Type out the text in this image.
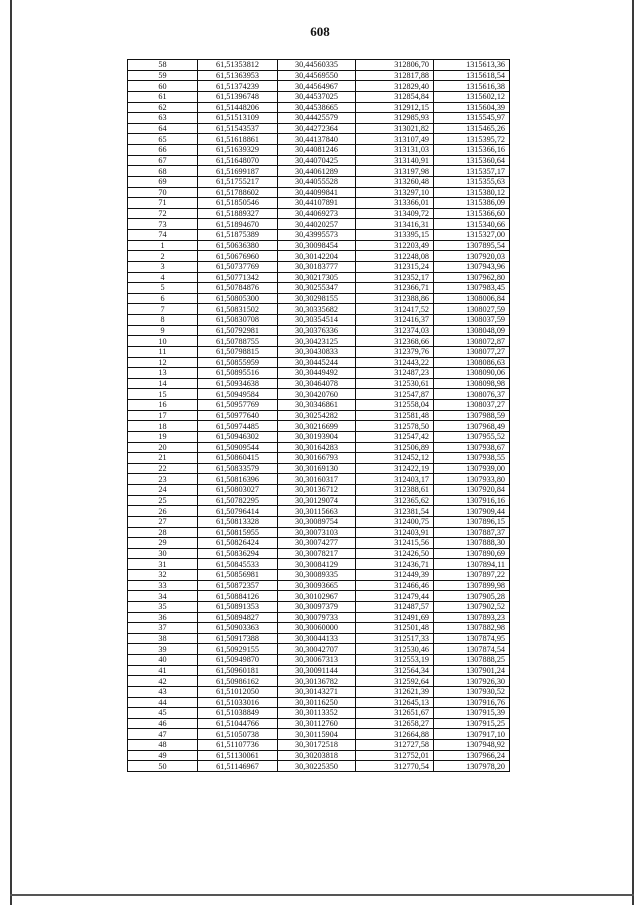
608
58	61,51353812	30,44560335	312806,70	1315613,36
59	61,51363953	30,44569550	312817,88	1315618,54
60	61,51374239	30,44564967	312829,40	1315616,38
61	61,51396748	30,44537025	312854,84	1315602,12
62	61,51448206	30,44538665	312912,15	1315604,39
63	61,51513109	30,44425579	312985,93	1315545,97
64	61,51543537	30,44272364	313021,82	1315465,26
65	61,51618861	30,44137840	313107,49	1315395,72
66	61,51639329	30,44081246	313131,03	1315366,16
67	61,51648070	30,44070425	313140,91	1315360,64
68	61,51699187	30,44061289	313197,98	1315357,17
69	61,51755217	30,44055528	313260,48	1315355,63
70	61,51788602	30,44099841	313297,10	1315380,12
71	61,51850546	30,44107891	313366,01	1315386,09
72	61,51889327	30,44069273	313409,72	1315366,60
73	61,51894670	30,44020257	313416,31	1315340,66
74	61,51875389	30,43995573	313395,15	1315327,00
1	61,50636380	30,30098454	312203,49	1307895,54
2	61,50676960	30,30142204	312248,08	1307920,03
3	61,50737769	30,30183777	312315,24	1307943,96
4	61,50771342	30,30217305	312352,17	1307962,80
5	61,50784876	30,30255347	312366,71	1307983,45
6	61,50805300	30,30298155	312388,86	1308006,84
7	61,50831502	30,30335682	312417,52	1308027,59
8	61,50830708	30,30354514	312416,37	1308037,59
9	61,50792981	30,30376336	312374,03	1308048,09
10	61,50788755	30,30423125	312368,66	1308072,87
11	61,50798815	30,30430833	312379,76	1308077,27
12	61,50855959	30,30445244	312443,22	1308086,63
13	61,50895516	30,30449492	312487,23	1308090,06
14	61,50934638	30,30464078	312530,61	1308098,98
15	61,50949584	30,30420760	312547,87	1308076,37
16	61,50957769	30,30346861	312558,04	1308037,27
17	61,50977640	30,30254282	312581,48	1307988,59
18	61,50974485	30,30216699	312578,50	1307968,49
19	61,50946302	30,30193904	312547,42	1307955,52
20	61,50909544	30,30164283	312506,89	1307938,67
21	61,50860415	30,30166793	312452,12	1307938,55
22	61,50833579	30,30169130	312422,19	1307939,00
23	61,50816396	30,30160317	312403,17	1307933,80
24	61,50803027	30,30136712	312388,61	1307920,84
25	61,50782295	30,30129074	312365,62	1307916,16
26	61,50796414	30,30115663	312381,54	1307909,44
27	61,50813328	30,30089754	312400,75	1307896,15
28	61,50815955	30,30073103	312403,91	1307887,37
29	61,50826424	30,30074277	312415,56	1307888,30
30	61,50836294	30,30078217	312426,50	1307890,69
31	61,50845533	30,30084129	312436,71	1307894,11
32	61,50856981	30,30089335	312449,39	1307897,22
33	61,50872357	30,30093665	312466,46	1307899,98
34	61,50884126	30,30102967	312479,44	1307905,28
35	61,50891353	30,30097379	312487,57	1307902,52
36	61,50894827	30,30079733	312491,69	1307893,23
37	61,50903363	30,30060000	312501,48	1307882,98
38	61,50917388	30,30044133	312517,33	1307874,95
39	61,50929155	30,30042707	312530,46	1307874,54
40	61,50949870	30,30067313	312553,19	1307888,25
41	61,50960181	30,30091144	312564,34	1307901,24
42	61,50986162	30,30136782	312592,64	1307926,30
43	61,51012050	30,30143271	312621,39	1307930,52
44	61,51033016	30,30116250	312645,13	1307916,76
45	61,51038849	30,30113352	312651,67	1307915,39
46	61,51044766	30,30112760	312658,27	1307915,25
47	61,51050738	30,30115904	312664,88	1307917,10
48	61,51107736	30,30172518	312727,58	1307948,92
49	61,51130061	30,30203818	312752,01	1307966,24
50	61,51146967	30,30225350	312770,54	1307978,20
